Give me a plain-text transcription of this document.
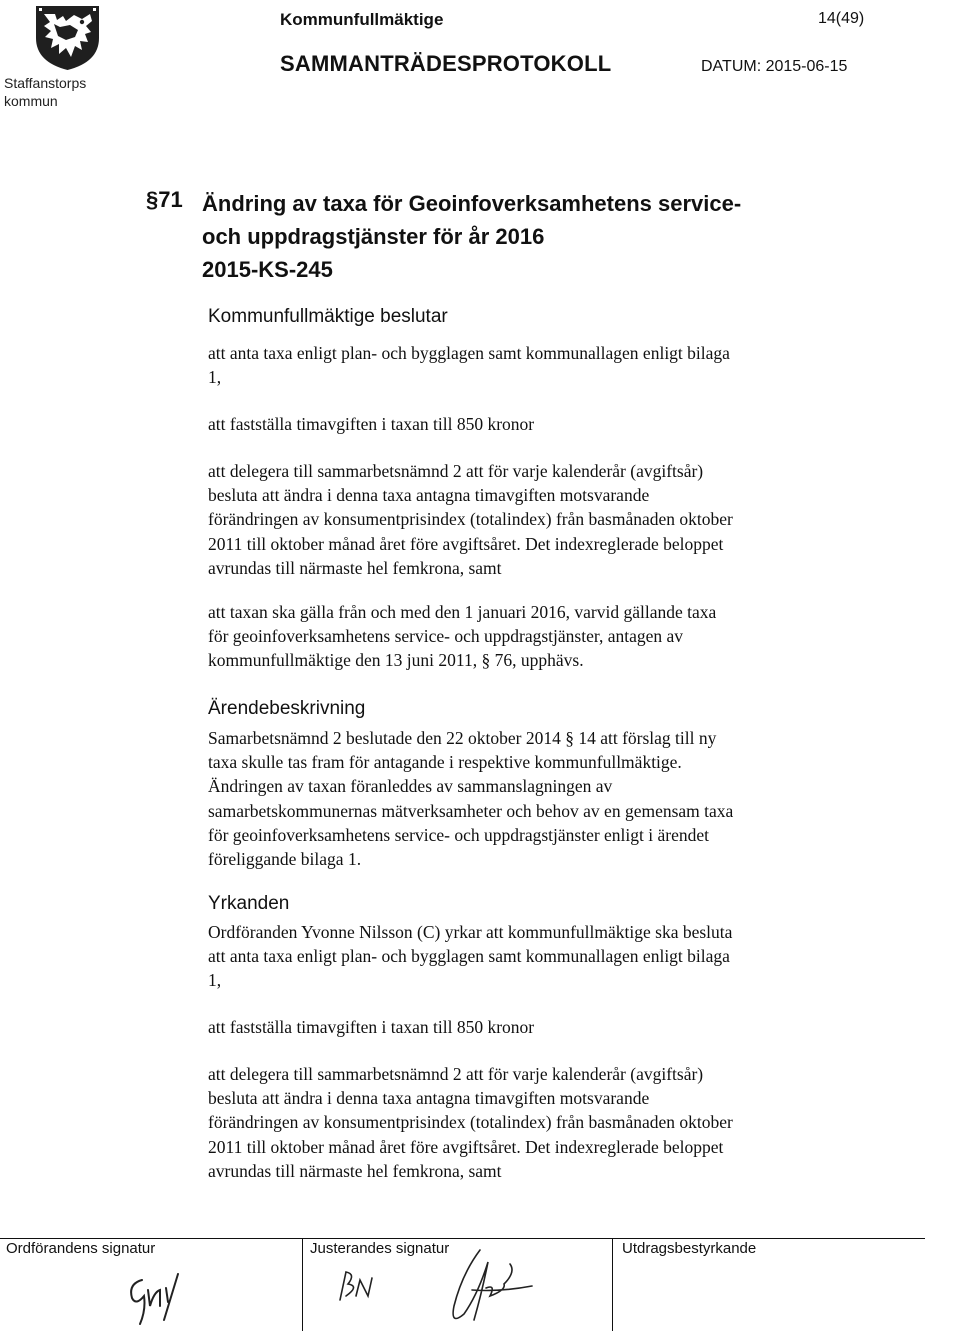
Staffanstorps
kommun
Kommunfullmäktige	14(49)
SAMMANTRÄDESPROTOKOLL	DATUM: 2015-06-15
§71 Ändring av taxa för Geoinfoverksamhetens service-
och uppdragstjänster för år 2016
2015-KS-245
Kommunfullmäktige beslutar

att anta taxa enligt plan- och bygglagen samt kommunallagen enligt bilaga
1,

att fastställa timavgiften i taxan till 850 kronor

att delegera till sammarbetsnämnd 2 att för varje kalenderår (avgiftsår)
besluta att ändra i denna taxa antagna timavgiften motsvarande
förändringen av konsumentprisindex (totalindex) från basmånaden oktober
2011 till oktober månad året före avgiftsåret. Det indexreglerade beloppet
avrundas till närmaste hel femkrona, samt

att taxan ska gälla från och med den 1 januari 2016, varvid gällande taxa
för geoinfoverksamhetens service- och uppdragstjänster, antagen av
kommunfullmäktige den 13 juni 2011, § 76, upphävs.

Ärendebeskrivning

Samarbetsnämnd 2 beslutade den 22 oktober 2014 § 14 att förslag till ny
taxa skulle tas fram för antagande i respektive kommunfullmäktige.
Ändringen av taxan föranleddes av sammanslagningen av
samarbetskommunernas mätverksamheter och behov av en gemensam taxa
för geoinfoverksamhetens service- och uppdragstjänster enligt i ärendet
föreliggande bilaga 1.

Yrkanden

Ordföranden Yvonne Nilsson (C) yrkar att kommunfullmäktige ska besluta
att anta taxa enligt plan- och bygglagen samt kommunallagen enligt bilaga
1,

att fastställa timavgiften i taxan till 850 kronor

att delegera till sammarbetsnämnd 2 att för varje kalenderår (avgiftsår)
besluta att ändra i denna taxa antagna timavgiften motsvarande
förändringen av konsumentprisindex (totalindex) från basmånaden oktober
2011 till oktober månad året före avgiftsåret. Det indexreglerade beloppet
avrundas till närmaste hel femkrona, samt

Ordförandens signatur	Justerandes signatur	Utdragsbestyrkande
